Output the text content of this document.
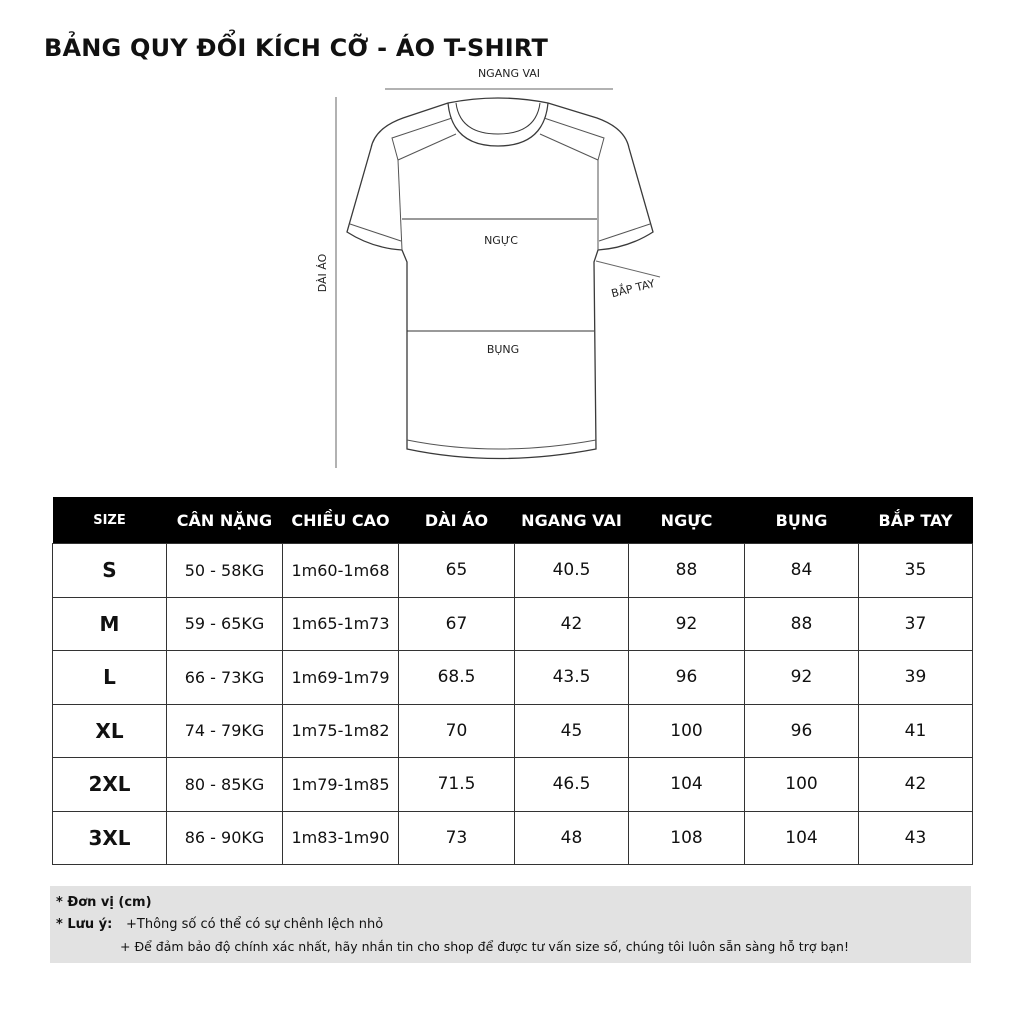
BẢNG QUY ĐỔI KÍCH CỠ - ÁO T-SHIRT
NGANG VAI
DÀI ÁO
NGỰC
BỤNG
BẮP TAY
SIZE	CÂN NẶNG	CHIỀU CAO	DÀI ÁO	NGANG VAI	NGỰC	BỤNG	BẮP TAY
S	50 - 58KG	1m60-1m68	65	40.5	88	84	35
M	59 - 65KG	1m65-1m73	67	42	92	88	37
L	66 - 73KG	1m69-1m79	68.5	43.5	96	92	39
XL	74 - 79KG	1m75-1m82	70	45	100	96	41
2XL	80 - 85KG	1m79-1m85	71.5	46.5	104	100	42
3XL	86 - 90KG	1m83-1m90	73	48	108	104	43
* Đơn vị (cm)
* Lưu ý: +Thông số có thể có sự chênh lệch nhỏ
+ Để đảm bảo độ chính xác nhất, hãy nhắn tin cho shop để được tư vấn size số, chúng tôi luôn sẵn sàng hỗ trợ bạn!
